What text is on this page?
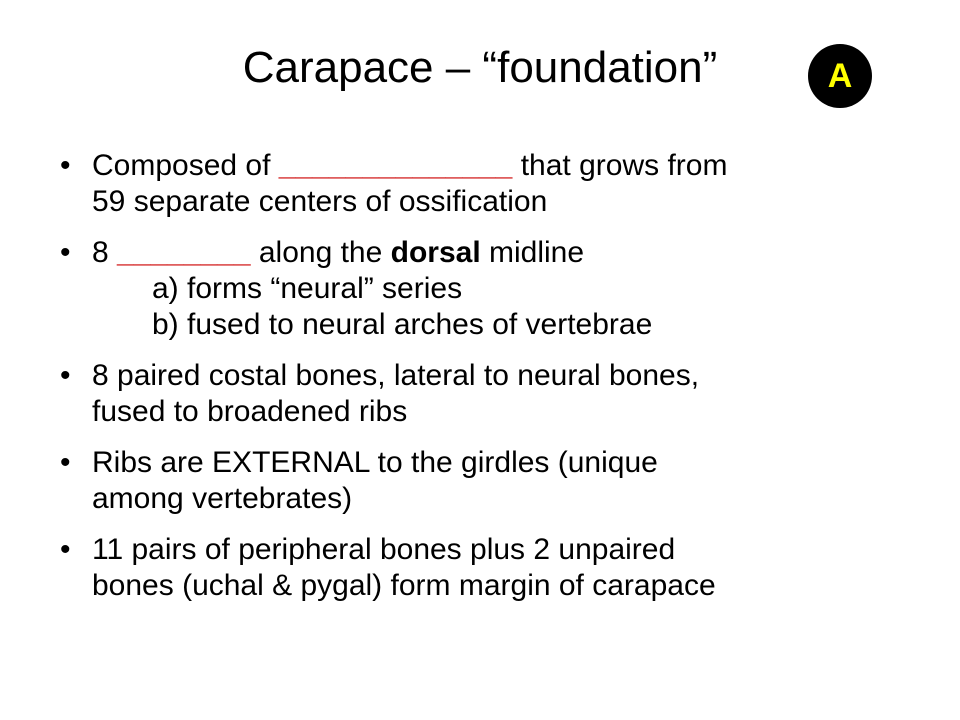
Carapace – “foundation”	A
• Composed of ______________ that grows from
59 separate centers of ossification
• 8 ________ along the dorsal midline
a) forms “neural” series
b) fused to neural arches of vertebrae
• 8 paired costal bones, lateral to neural bones,
fused to broadened ribs
• Ribs are EXTERNAL to the girdles (unique
among vertebrates)
• 11 pairs of peripheral bones plus 2 unpaired
bones (uchal & pygal) form margin of carapace
